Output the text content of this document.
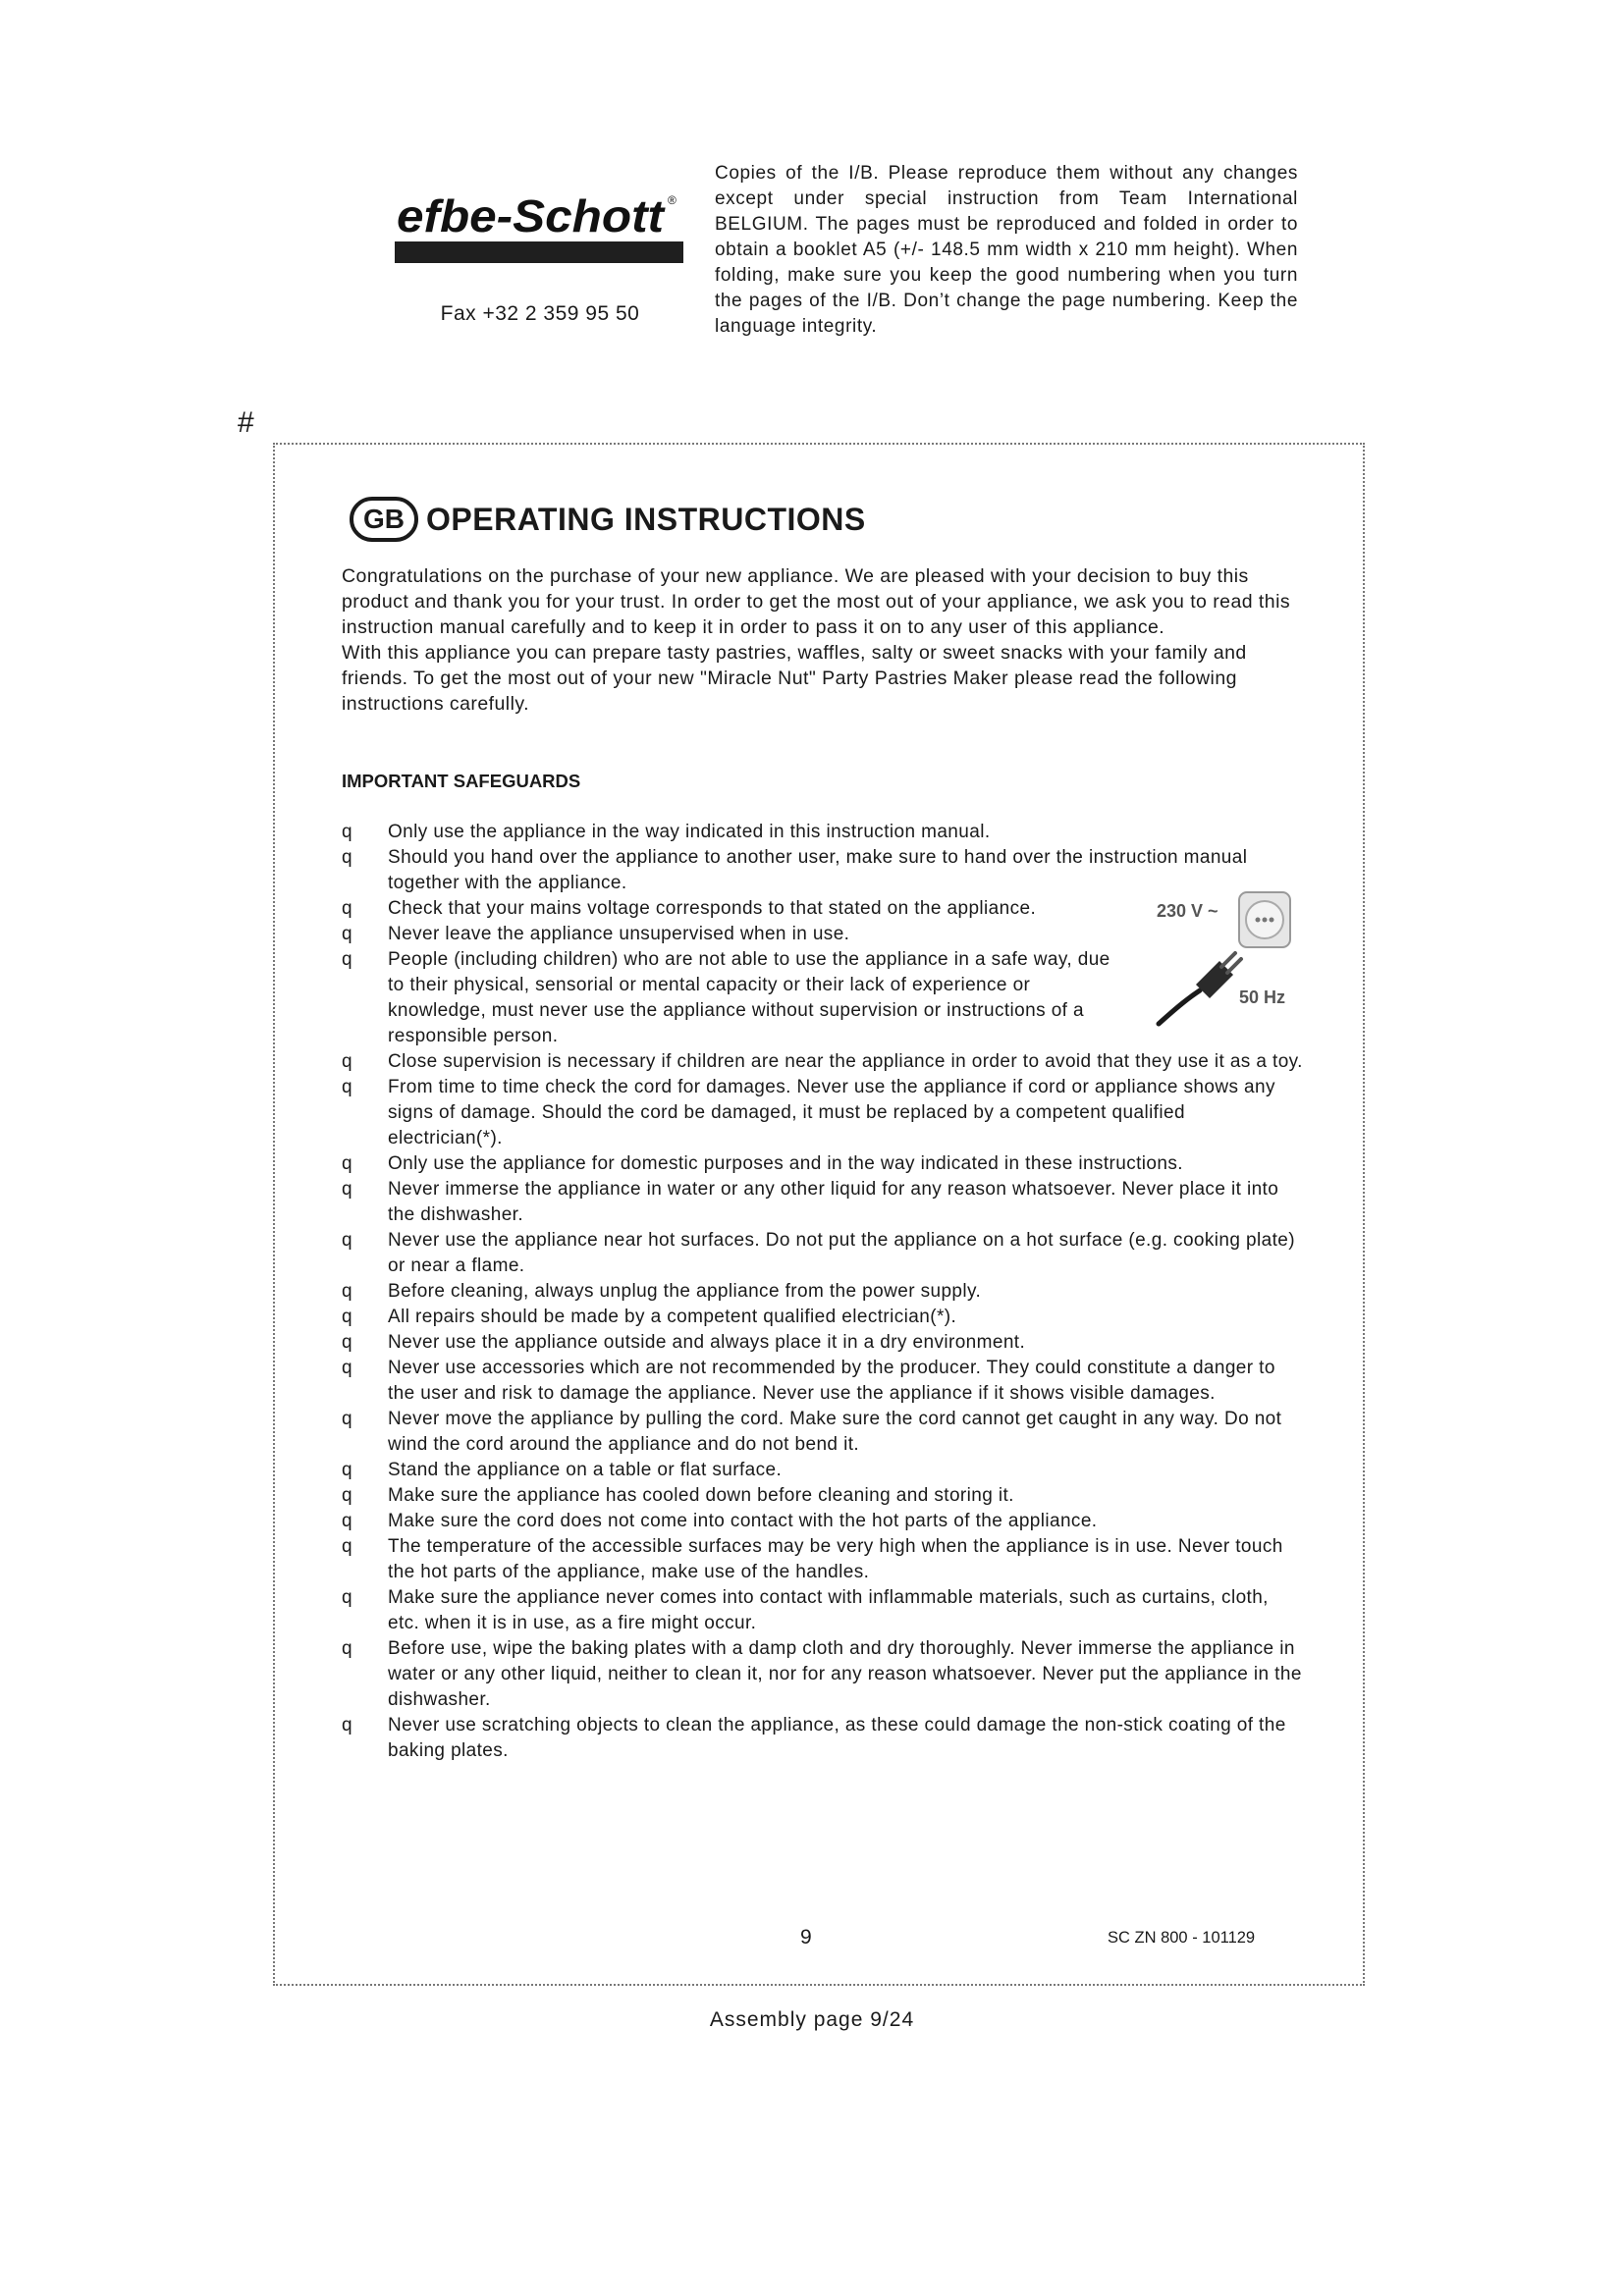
efbe-Schott ®
Fax +32 2 359 95 50
Copies of the I/B. Please reproduce them without any changes except under special instruction from Team International BELGIUM. The pages must be reproduced and folded in order to obtain a booklet A5 (+/- 148.5 mm width x 210 mm height). When folding, make sure you keep the good numbering when you turn the pages of the I/B. Don’t change the page numbering. Keep the language integrity.
#
GB OPERATING INSTRUCTIONS

Congratulations on the purchase of your new appliance. We are pleased with your decision to buy this product and thank you for your trust. In order to get the most out of your appliance, we ask you to read this instruction manual carefully and to keep it in order to pass it on to any user of this appliance.

With this appliance you can prepare tasty pastries, waffles, salty or sweet snacks with your family and friends. To get the most out of your new "Miracle Nut" Party Pastries Maker please read the following instructions carefully.

IMPORTANT SAFEGUARDS
q Only use the appliance in the way indicated in this instruction manual.
q Should you hand over the appliance to another user, make sure to hand over the instruction manual together with the appliance.
q Check that your mains voltage corresponds to that stated on the appliance.
q Never leave the appliance unsupervised when in use.
q People (including children) who are not able to use the appliance in a safe way, due to their physical, sensorial or mental capacity or their lack of experience or knowledge, must never use the appliance without supervision or instructions of a responsible person.
q Close supervision is necessary if children are near the appliance in order to avoid that they use it as a toy.
q From time to time check the cord for damages. Never use the appliance if cord or appliance shows any signs of damage. Should the cord be damaged, it must be replaced by a competent qualified electrician(*).
q Only use the appliance for domestic purposes and in the way indicated in these instructions.
q Never immerse the appliance in water or any other liquid for any reason whatsoever. Never place it into the dishwasher.
q Never use the appliance near hot surfaces. Do not put the appliance on a hot surface (e.g. cooking plate) or near a flame.
q Before cleaning, always unplug the appliance from the power supply.
q All repairs should be made by a competent qualified electrician(*).
q Never use the appliance outside and always place it in a dry environment.
q Never use accessories which are not recommended by the producer. They could constitute a danger to the user and risk to damage the appliance. Never use the appliance if it shows visible damages.
q Never move the appliance by pulling the cord. Make sure the cord cannot get caught in any way. Do not wind the cord around the appliance and do not bend it.
q Stand the appliance on a table or flat surface.
q Make sure the appliance has cooled down before cleaning and storing it.
q Make sure the cord does not come into contact with the hot parts of the appliance.
q The temperature of the accessible surfaces may be very high when the appliance is in use. Never touch the hot parts of the appliance, make use of the handles.
q Make sure the appliance never comes into contact with inflammable materials, such as curtains, cloth, etc. when it is in use, as a fire might occur.
q Before use, wipe the baking plates with a damp cloth and dry thoroughly. Never immerse the appliance in water or any other liquid, neither to clean it, nor for any reason whatsoever. Never put the appliance in the dishwasher.
q Never use scratching objects to clean the appliance, as these could damage the non-stick coating of the baking plates.
230 V ~
50 Hz
9	SC ZN 800 - 101129
Assembly page 9/24
